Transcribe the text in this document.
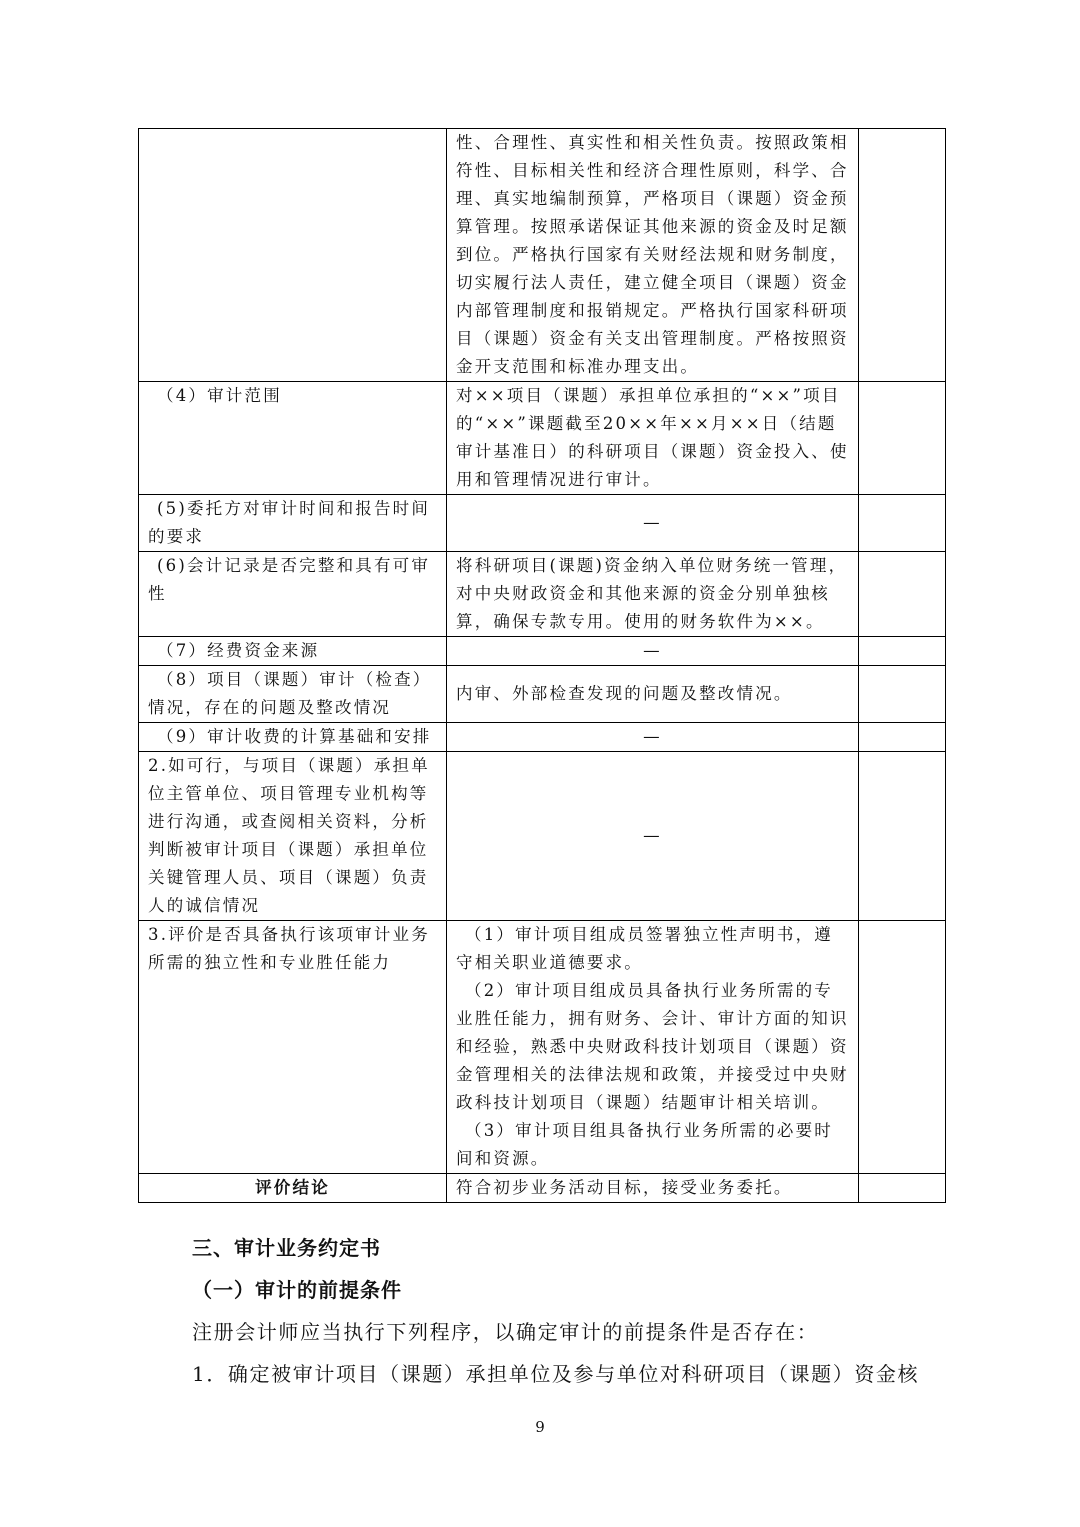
	性、合理性、真实性和相关性负责。按照政策相符性、目标相关性和经济合理性原则，科学、合理、真实地编制预算，严格项目（课题）资金预算管理。按照承诺保证其他来源的资金及时足额到位。严格执行国家有关财经法规和财务制度，切实履行法人责任，建立健全项目（课题）资金内部管理制度和报销规定。严格执行国家科研项目（课题）资金有关支出管理制度。严格按照资金开支范围和标准办理支出。	

（4）审计范围	对××项目（课题）承担单位承担的“××”项目的“××”课题截至20××年××月××日（结题审计基准日）的科研项目（课题）资金投入、使用和管理情况进行审计。	

(5)委托方对审计时间和报告时间的要求	—	

(6)会计记录是否完整和具有可审性	将科研项目(课题)资金纳入单位财务统一管理，对中央财政资金和其他来源的资金分别单独核算，确保专款专用。使用的财务软件为××。	

（7）经费资金来源	—	

（8）项目（课题）审计（检查）情况，存在的问题及整改情况	内审、外部检查发现的问题及整改情况。	

（9）审计收费的计算基础和安排	—	
2.如可行，与项目（课题）承担单位主管单位、项目管理专业机构等进行沟通，或查阅相关资料，分析判断被审计项目（课题）承担单位关键管理人员、项目（课题）负责人的诚信情况	—	
3.评价是否具备执行该项审计业务所需的独立性和专业胜任能力	（1）审计项目组成员签署独立性声明书，遵守相关职业道德要求。
（2）审计项目组成员具备执行业务所需的专业胜任能力，拥有财务、会计、审计方面的知识和经验，熟悉中央财政科技计划项目（课题）资金管理相关的法律法规和政策，并接受过中央财政科技计划项目（课题）结题审计相关培训。
（3）审计项目组具备执行业务所需的必要时间和资源。	

评价结论	符合初步业务活动目标，接受业务委托。	
三、审计业务约定书
（一）审计的前提条件
注册会计师应当执行下列程序，以确定审计的前提条件是否存在：
1．确定被审计项目（课题）承担单位及参与单位对科研项目（课题）资金核
9
